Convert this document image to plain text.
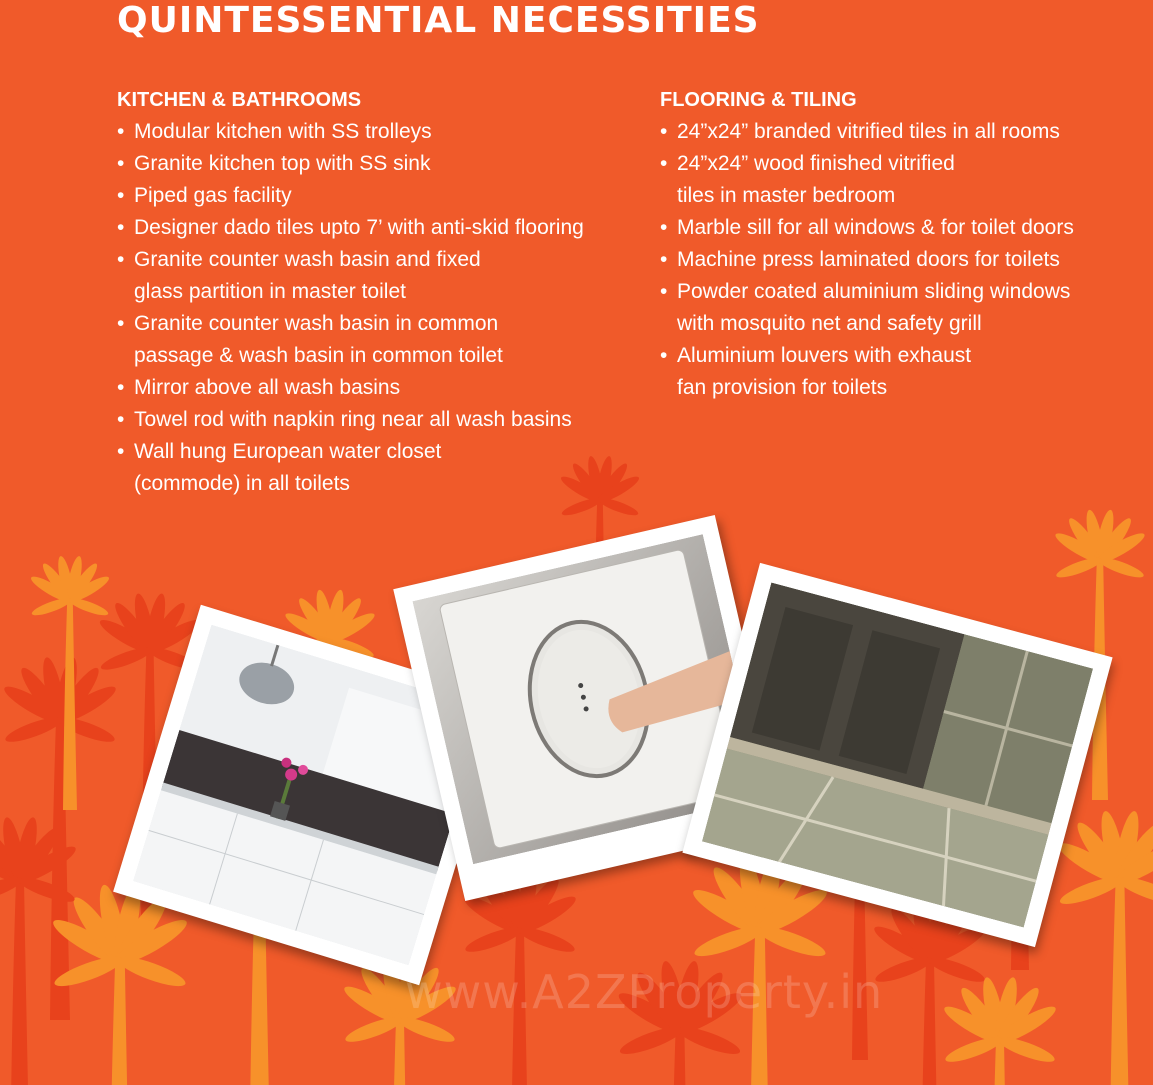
QUINTESSENTIAL NECESSITIES
KITCHEN & BATHROOMS
• Modular kitchen with SS trolleys
• Granite kitchen top with SS sink
• Piped gas facility
• Designer dado tiles upto 7’ with anti-skid flooring
• Granite counter wash basin and fixed
glass partition in master toilet
• Granite counter wash basin in common
passage & wash basin in common toilet
• Mirror above all wash basins
• Towel rod with napkin ring near all wash basins
• Wall hung European water closet
(commode) in all toilets
FLOORING & TILING
• 24”x24” branded vitrified tiles in all rooms
• 24”x24” wood finished vitrified
tiles in master bedroom
• Marble sill for all windows & for toilet doors
• Machine press laminated doors for toilets
• Powder coated aluminium sliding windows
with mosquito net and safety grill
• Aluminium louvers with exhaust
fan provision for toilets
www.A2ZProperty.in
